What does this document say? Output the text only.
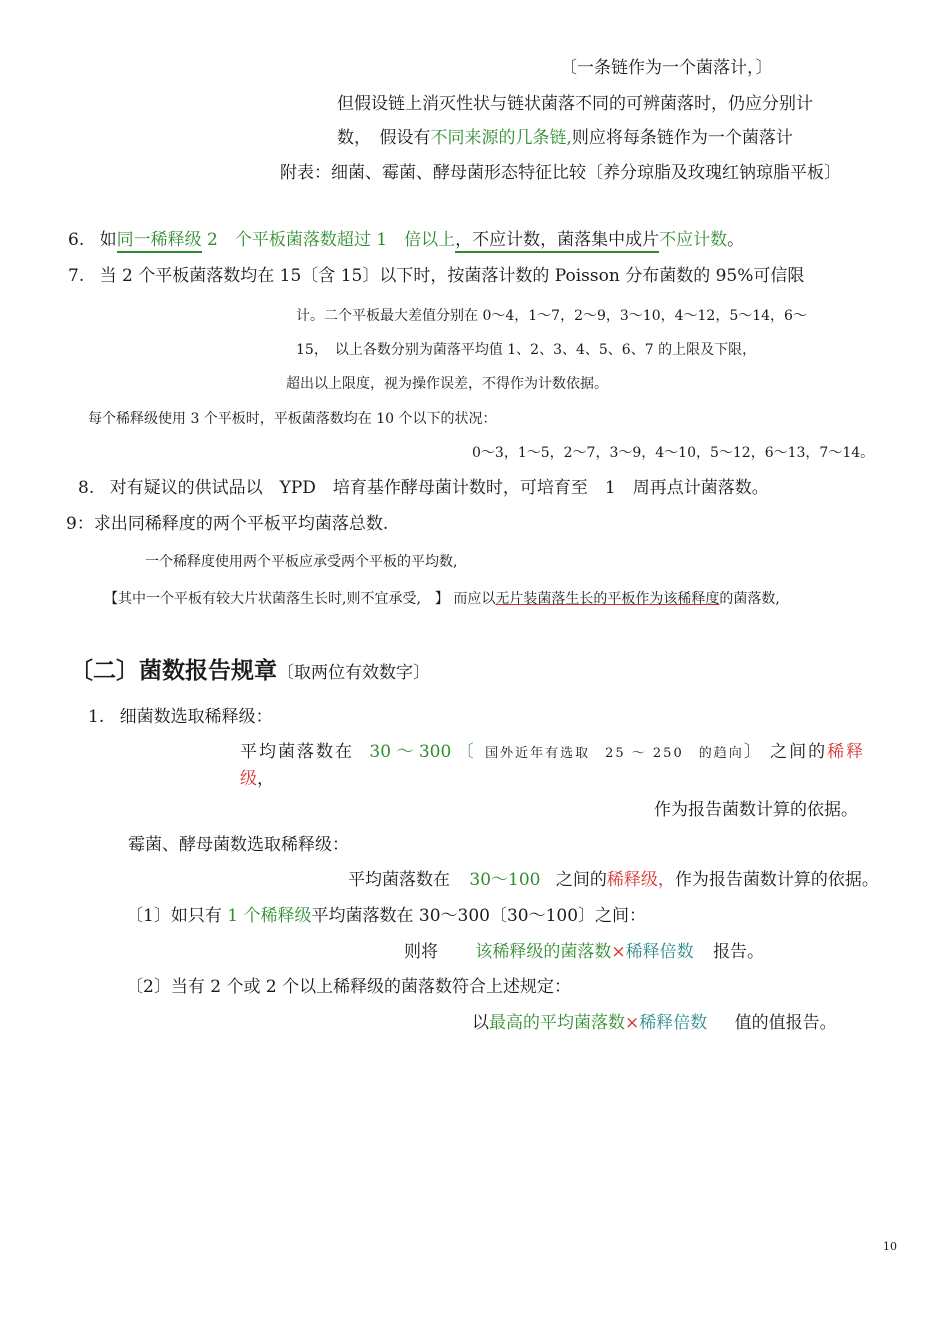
〔一条链作为一个菌落计，〕
但假设链上消灭性状与链状菌落不同的可辨菌落时，仍应分别计
数，　假设有不同来源的几条链,则应将每条链作为一个菌落计
附表：细菌、霉菌、酵母菌形态特征比较〔养分琼脂及玫瑰红钠琼脂平板〕
6. 如同一稀释级 2　个平板菌落数超过 1　倍以上，不应计数，菌落集中成片不应计数。
7. 当 2 个平板菌落数均在 15〔含 15〕以下时，按菌落计数的 Poisson 分布菌数的 95%可信限
计。二个平板最大差值分别在 0～4，1～7，2～9，3～10，4～12，5～14，6～
15，　以上各数分别为菌落平均值 1、2、3、4、5、6、7 的上限及下限，
超出以上限度，视为操作误差，不得作为计数依据。
每个稀释级使用 3 个平板时，平板菌落数均在 10 个以下的状况：
0～3，1～5，2～7，3～9，4～10，5～12，6～13，7～14。
8. 对有疑议的供试品以　YPD　培育基作酵母菌计数时，可培育至　1　周再点计菌落数。
9：求出同稀释度的两个平板平均菌落总数.
一个稀释度使用两个平板应承受两个平板的平均数,
【其中一个平板有较大片状菌落生长时,则不宜承受,　】 而应以无片装菌落生长的平板作为该稀释度的菌落数,
〔二〕菌数报告规章〔取两位有效数字〕
1. 细菌数选取稀释级：
平均菌落数在 30 ～ 300 〔 国外近年有选取　25 ～ 250　的趋向〕 之间的稀释
级，
作为报告菌数计算的依据。
霉菌、酵母菌数选取稀释级：
平均菌落数在 30～100 之间的稀释级，作为报告菌数计算的依据。
〔1〕如只有 1 个稀释级平均菌落数在 30～300〔30～100〕之间：
则将 该稀释级的菌落数×稀释倍数 报告。
〔2〕当有 2 个或 2 个以上稀释级的菌落数符合上述规定：
以最高的平均菌落数×稀释倍数 值的值报告。
10
